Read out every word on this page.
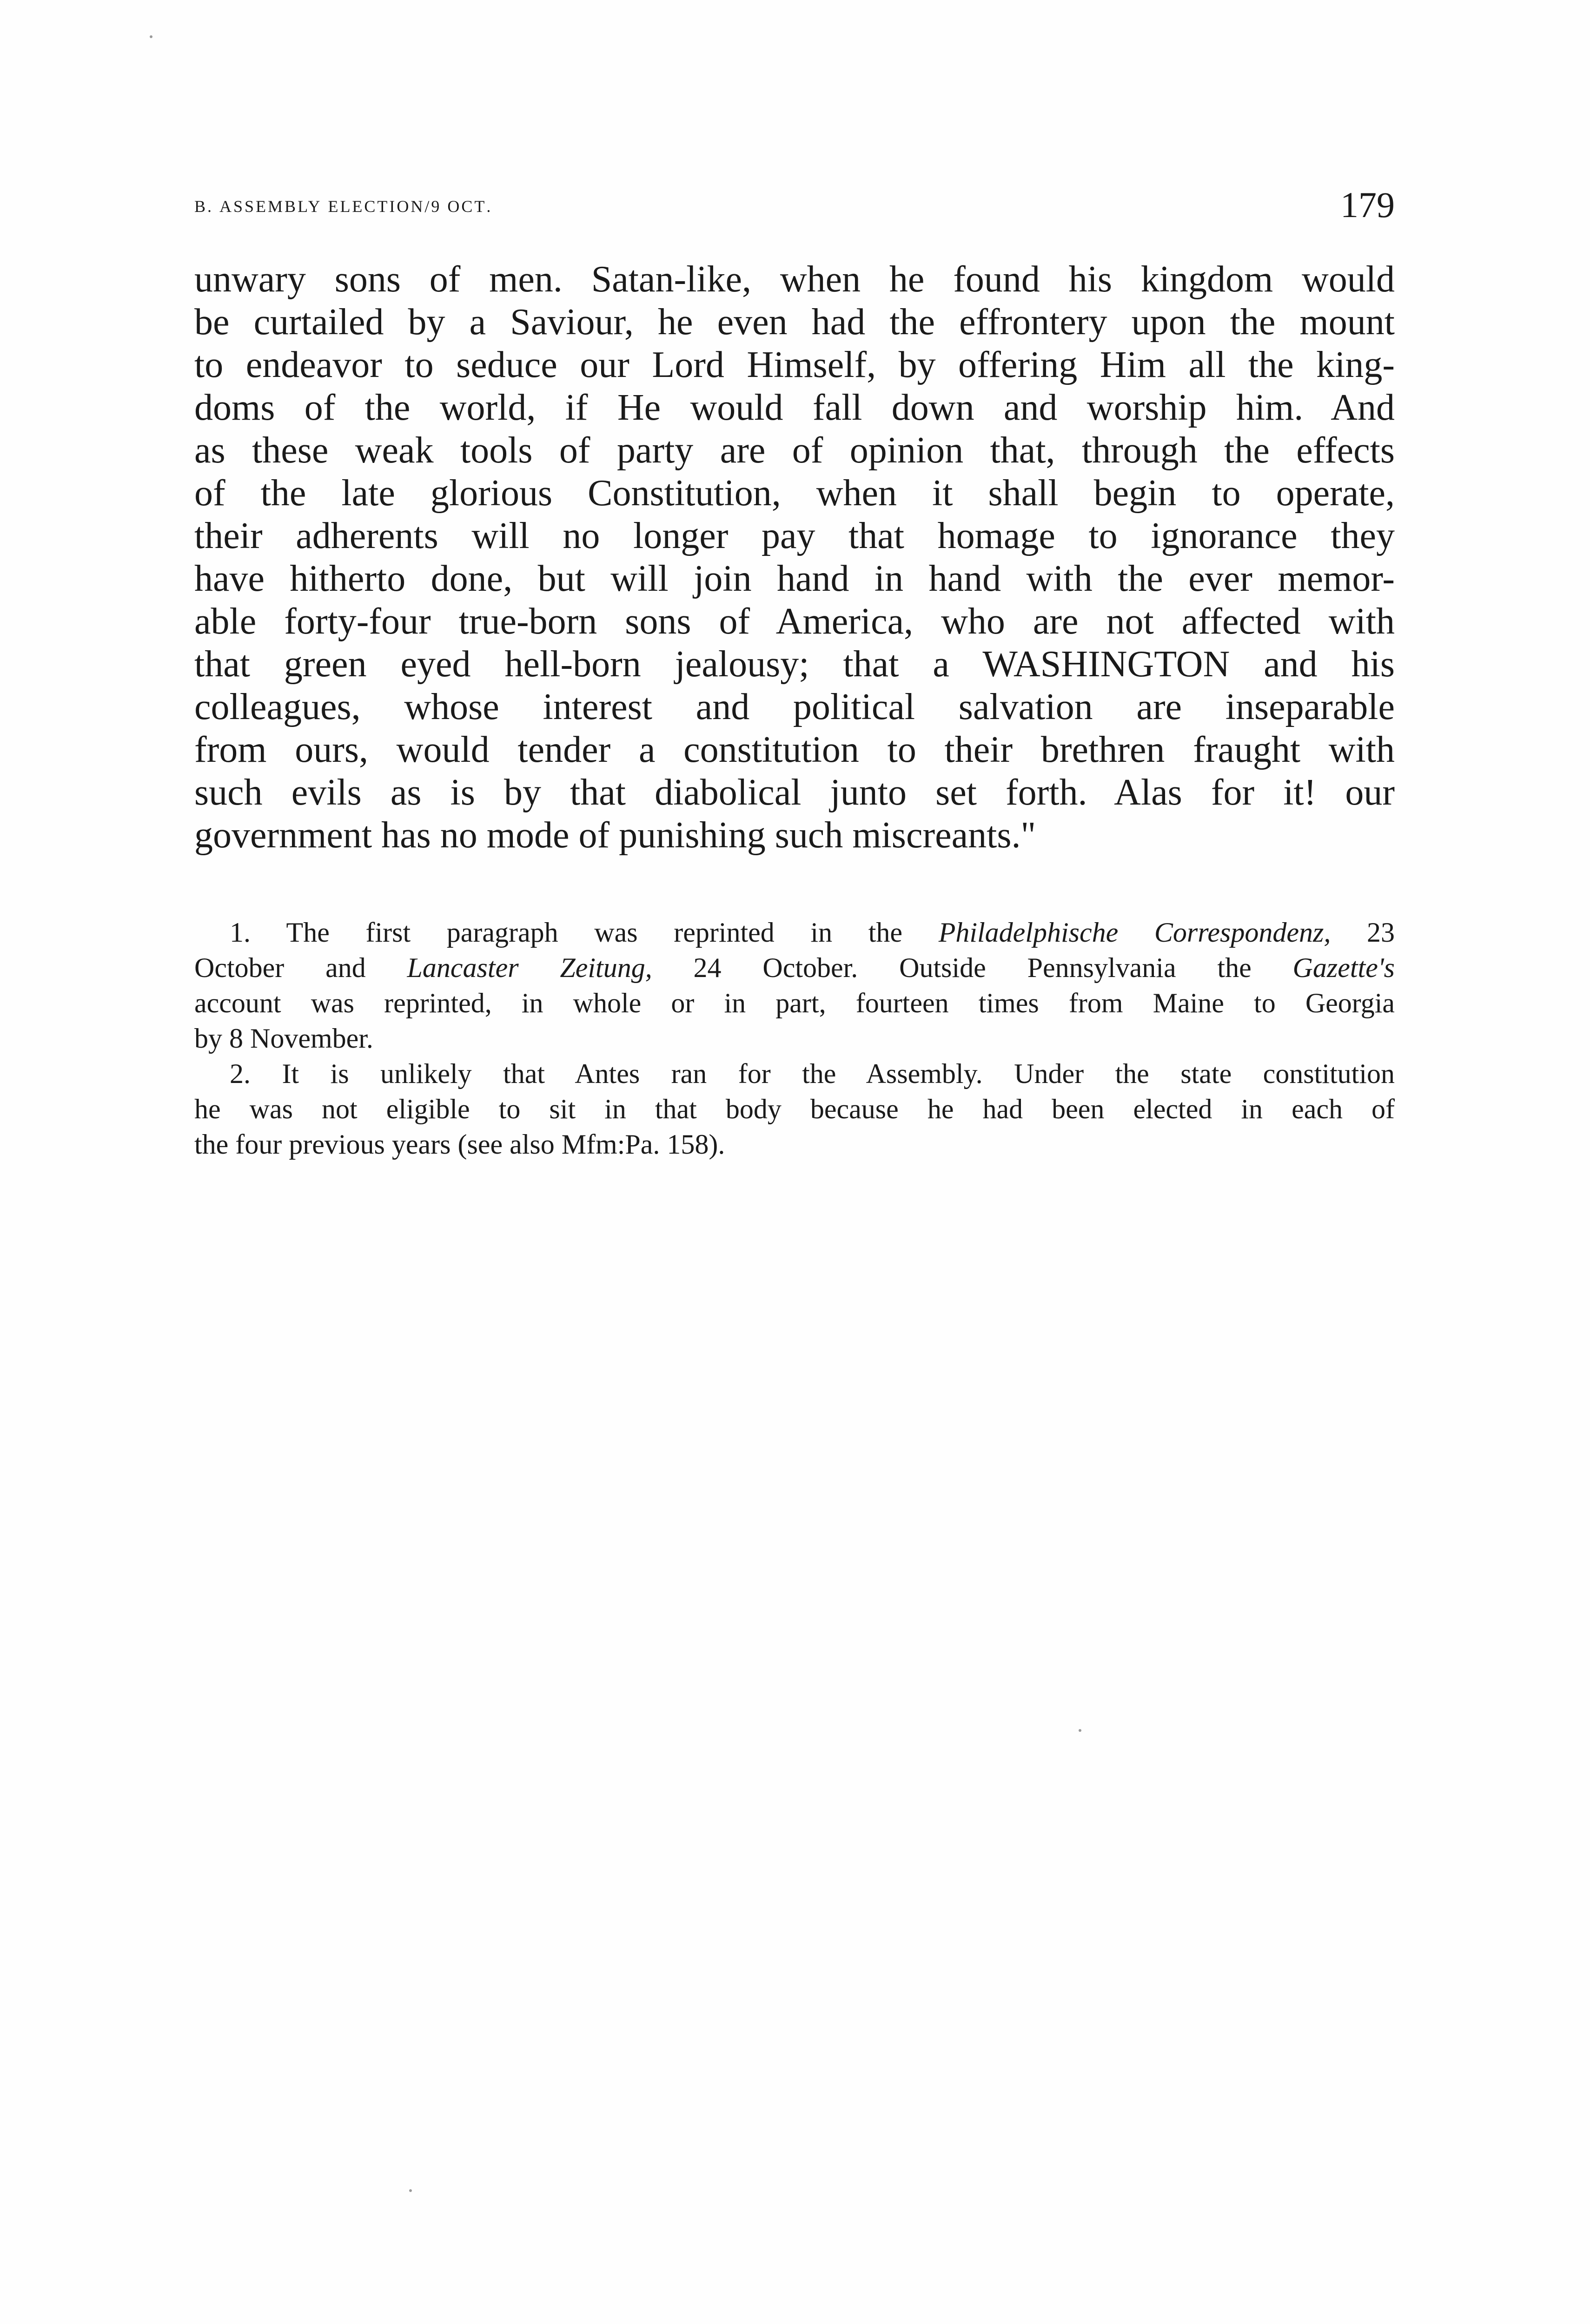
b. assembly election/9 oct.	179
unwary sons of men. Satan-like, when he found his kingdom would
be curtailed by a Saviour, he even had the effrontery upon the mount
to endeavor to seduce our Lord Himself, by offering Him all the king-
doms of the world, if He would fall down and worship him. And
as these weak tools of party are of opinion that, through the effects
of the late glorious Constitution, when it shall begin to operate,
their adherents will no longer pay that homage to ignorance they
have hitherto done, but will join hand in hand with the ever memor-
able forty-four true-born sons of America, who are not affected with
that green eyed hell-born jealousy; that a WASHINGTON and his
colleagues, whose interest and political salvation are inseparable
from ours, would tender a constitution to their brethren fraught with
such evils as is by that diabolical junto set forth. Alas for it! our
government has no mode of punishing such miscreants."
1. The first paragraph was reprinted in the Philadelphische Correspondenz, 23
October and Lancaster Zeitung, 24 October. Outside Pennsylvania the Gazette's
account was reprinted, in whole or in part, fourteen times from Maine to Georgia
by 8 November.
2. It is unlikely that Antes ran for the Assembly. Under the state constitution
he was not eligible to sit in that body because he had been elected in each of
the four previous years (see also Mfm:Pa. 158).
